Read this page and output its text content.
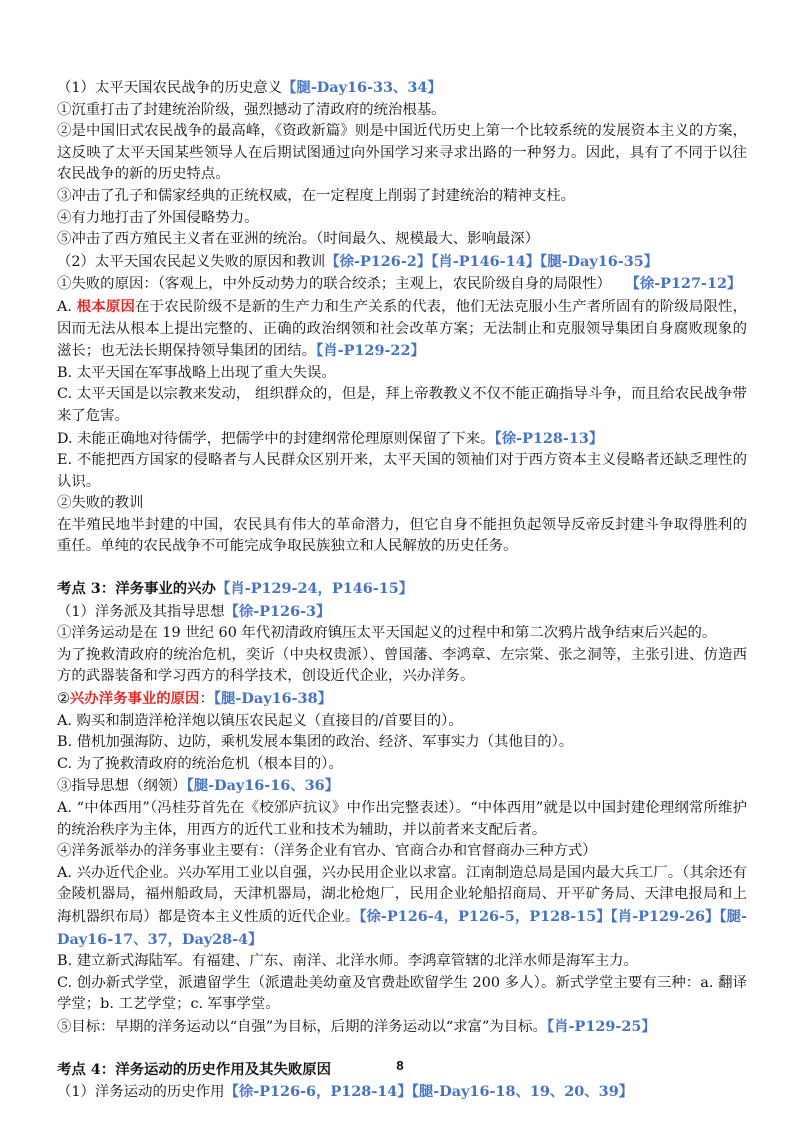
（1）太平天国农民战争的历史意义【腿-Day16-33、34】

①沉重打击了封建统治阶级，强烈撼动了清政府的统治根基。

②是中国旧式农民战争的最高峰，《资政新篇》则是中国近代历史上第一个比较系统的发展资本主义的方案，这反映了太平天国某些领导人在后期试图通过向外国学习来寻求出路的一种努力。因此，具有了不同于以往农民战争的新的历史特点。

③冲击了孔子和儒家经典的正统权威，在一定程度上削弱了封建统治的精神支柱。

④有力地打击了外国侵略势力。

⑤冲击了西方殖民主义者在亚洲的统治。（时间最久、规模最大、影响最深）

（2）太平天国农民起义失败的原因和教训【徐-P126-2】【肖-P146-14】【腿-Day16-35】

①失败的原因：（客观上，中外反动势力的联合绞杀；主观上，农民阶级自身的局限性）　　【徐-P127-12】

A. 根本原因在于农民阶级不是新的生产力和生产关系的代表，他们无法克服小生产者所固有的阶级局限性，因而无法从根本上提出完整的、正确的政治纲领和社会改革方案；无法制止和克服领导集团自身腐败现象的滋长；也无法长期保持领导集团的团结。【肖-P129-22】

B. 太平天国在军事战略上出现了重大失误。

C. 太平天国是以宗教来发动， 组织群众的，但是，拜上帝教教义不仅不能正确指导斗争，而且给农民战争带来了危害。

D. 未能正确地对待儒学，把儒学中的封建纲常伦理原则保留了下来。【徐-P128-13】

E. 不能把西方国家的侵略者与人民群众区别开来，太平天国的领袖们对于西方资本主义侵略者还缺乏理性的认识。

②失败的教训

在半殖民地半封建的中国，农民具有伟大的革命潜力，但它自身不能担负起领导反帝反封建斗争取得胜利的重任。单纯的农民战争不可能完成争取民族独立和人民解放的历史任务。

考点 3：洋务事业的兴办【肖-P129-24，P146-15】

（1）洋务派及其指导思想【徐-P126-3】

①洋务运动是在 19 世纪 60 年代初清政府镇压太平天国起义的过程中和第二次鸦片战争结束后兴起的。

为了挽救清政府的统治危机，奕䜣（中央权贵派）、曾国藩、李鸿章、左宗棠、张之洞等，主张引进、仿造西方的武器装备和学习西方的科学技术，创设近代企业，兴办洋务。

②兴办洋务事业的原因：【腿-Day16-38】

A. 购买和制造洋枪洋炮以镇压农民起义（直接目的/首要目的）。

B. 借机加强海防、边防，乘机发展本集团的政治、经济、军事实力（其他目的）。

C. 为了挽救清政府的统治危机（根本目的）。

③指导思想（纲领）【腿-Day16-16、36】

A. “中体西用”（冯桂芬首先在《校邠庐抗议》中作出完整表述）。“中体西用”就是以中国封建伦理纲常所维护的统治秩序为主体，用西方的近代工业和技术为辅助，并以前者来支配后者。

④洋务派举办的洋务事业主要有：（洋务企业有官办、官商合办和官督商办三种方式）

A. 兴办近代企业。兴办军用工业以自强，兴办民用企业以求富。江南制造总局是国内最大兵工厂。（其余还有金陵机器局，福州船政局，天津机器局，湖北枪炮厂，民用企业轮船招商局、开平矿务局、天津电报局和上海机器织布局）都是资本主义性质的近代企业。【徐-P126-4，P126-5，P128-15】【肖-P129-26】【腿-Day16-17、37，Day28-4】

B. 建立新式海陆军。有福建、广东、南洋、北洋水师。李鸿章管辖的北洋水师是海军主力。

C. 创办新式学堂，派遣留学生（派遣赴美幼童及官费赴欧留学生 200 多人）。新式学堂主要有三种：a. 翻译学堂；b. 工艺学堂；c. 军事学堂。

⑤目标：早期的洋务运动以“自强”为目标，后期的洋务运动以“求富”为目标。【肖-P129-25】

考点 4：洋务运动的历史作用及其失败原因

（1）洋务运动的历史作用【徐-P126-6，P128-14】【腿-Day16-18、19、20、39】

8
